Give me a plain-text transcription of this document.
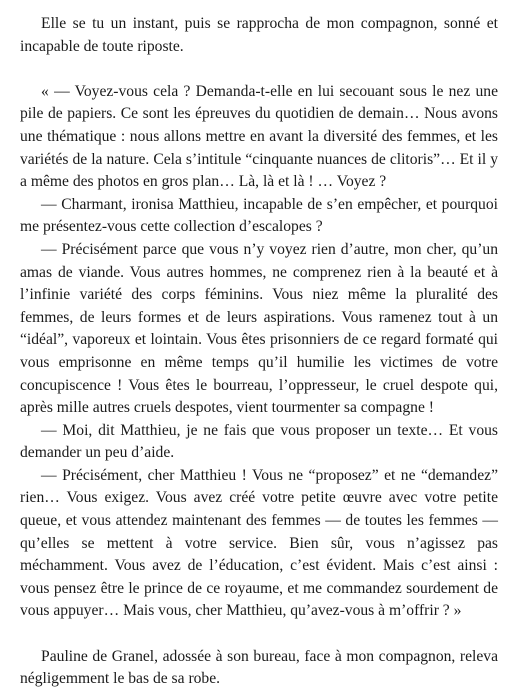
Elle se tu un instant, puis se rapprocha de mon compagnon, sonné et incapable de toute riposte.

« — Voyez-vous cela ? Demanda-t-elle en lui secouant sous le nez une pile de papiers. Ce sont les épreuves du quotidien de demain… Nous avons une thématique : nous allons mettre en avant la diversité des femmes, et les variétés de la nature. Cela s’intitule “cinquante nuances de clitoris”… Et il y a même des photos en gros plan… Là, là et là ! … Voyez ?

— Charmant, ironisa Matthieu, incapable de s’en empêcher, et pourquoi me présentez-vous cette collection d’escalopes ?

— Précisément parce que vous n’y voyez rien d’autre, mon cher, qu’un amas de viande. Vous autres hommes, ne comprenez rien à la beauté et à l’infinie variété des corps féminins. Vous niez même la pluralité des femmes, de leurs formes et de leurs aspirations. Vous ramenez tout à un “idéal”, vaporeux et lointain. Vous êtes prisonniers de ce regard formaté qui vous emprisonne en même temps qu’il humilie les victimes de votre concupiscence ! Vous êtes le bourreau, l’oppresseur, le cruel despote qui, après mille autres cruels despotes, vient tourmenter sa compagne !

— Moi, dit Matthieu, je ne fais que vous proposer un texte… Et vous demander un peu d’aide.

— Précisément, cher Matthieu ! Vous ne “proposez” et ne “demandez” rien… Vous exigez. Vous avez créé votre petite œuvre avec votre petite queue, et vous attendez maintenant des femmes — de toutes les femmes — qu’elles se mettent à votre service. Bien sûr, vous n’agissez pas méchamment. Vous avez de l’éducation, c’est évident. Mais c’est ainsi : vous pensez être le prince de ce royaume, et me commandez sourdement de vous appuyer… Mais vous, cher Matthieu, qu’avez-vous à m’offrir ? »

Pauline de Granel, adossée à son bureau, face à mon compagnon, releva négligemment le bas de sa robe.
